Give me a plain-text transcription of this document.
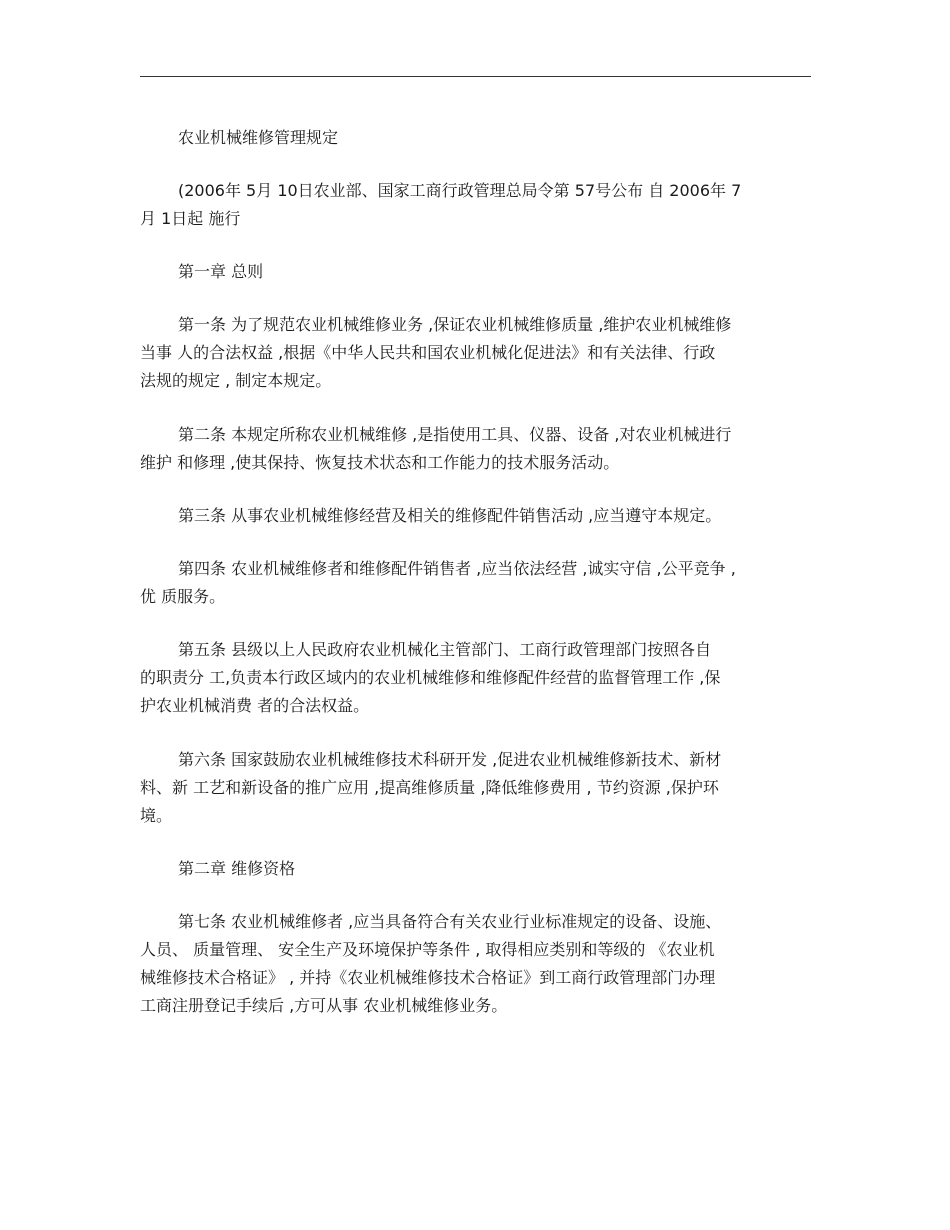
农业机械维修管理规定

(2006年 5月 10日农业部、国家工商行政管理总局令第 57号公布 自 2006年 7
月 1日起 施行

第一章 总则

第一条 为了规范农业机械维修业务 ,保证农业机械维修质量 ,维护农业机械维修
当事 人的合法权益 ,根据《中华人民共和国农业机械化促进法》和有关法律、行政
法规的规定 , 制定本规定。

第二条 本规定所称农业机械维修 ,是指使用工具、仪器、设备 ,对农业机械进行
维护 和修理 ,使其保持、恢复技术状态和工作能力的技术服务活动。

第三条 从事农业机械维修经营及相关的维修配件销售活动 ,应当遵守本规定。

第四条 农业机械维修者和维修配件销售者 ,应当依法经营 ,诚实守信 ,公平竞争 ,
优 质服务。

第五条 县级以上人民政府农业机械化主管部门、工商行政管理部门按照各自
的职责分 工,负责本行政区域内的农业机械维修和维修配件经营的监督管理工作 ,保
护农业机械消费 者的合法权益。

第六条 国家鼓励农业机械维修技术科研开发 ,促进农业机械维修新技术、新材
料、新 工艺和新设备的推广应用 ,提高维修质量 ,降低维修费用 , 节约资源 ,保护环
境。

第二章 维修资格

第七条 农业机械维修者 ,应当具备符合有关农业行业标准规定的设备、设施、
人员、 质量管理、 安全生产及环境保护等条件 , 取得相应类别和等级的 《农业机
械维修技术合格证》 , 并持《农业机械维修技术合格证》到工商行政管理部门办理
工商注册登记手续后 ,方可从事 农业机械维修业务。
